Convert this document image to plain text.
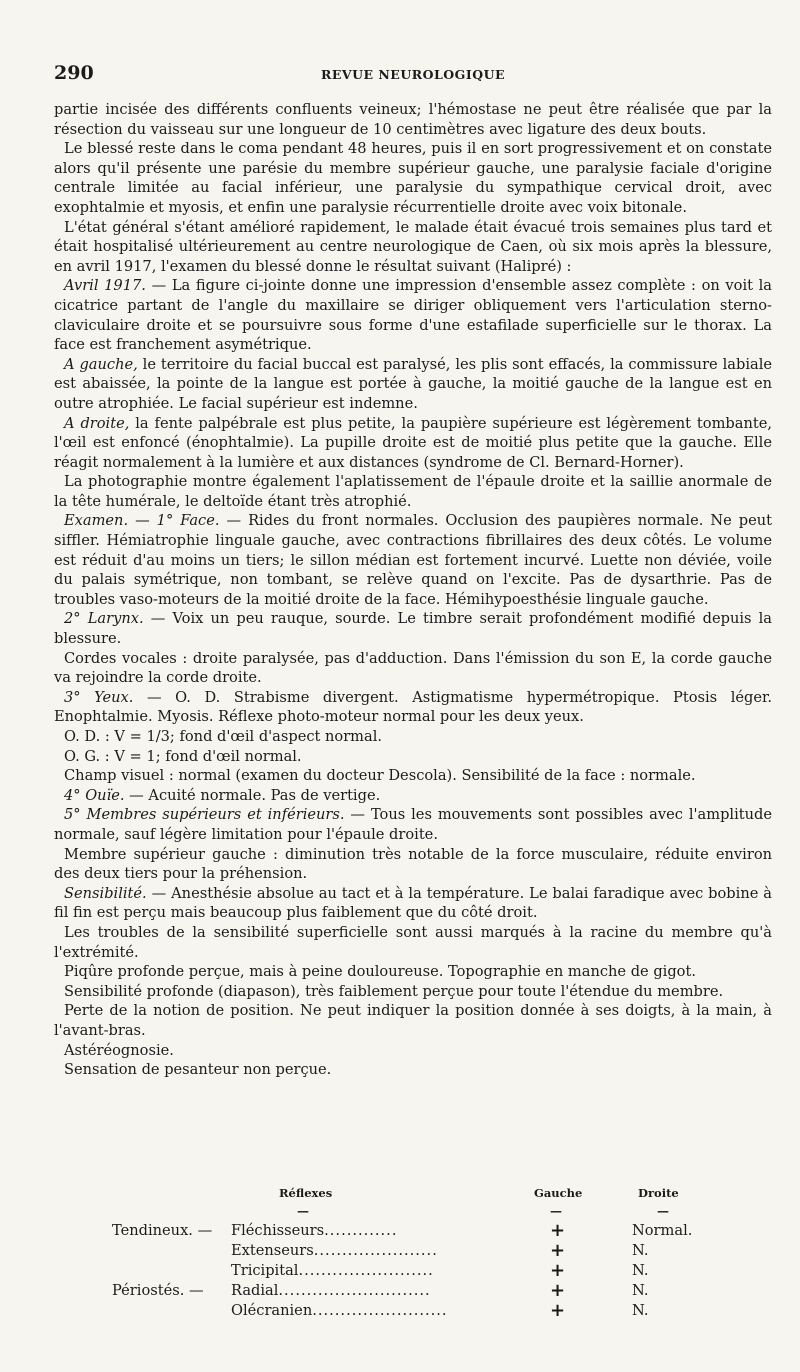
290	REVUE NEUROLOGIQUE

partie incisée des différents confluents veineux; l'hémostase ne peut être réalisée que par la résection du vaisseau sur une longueur de 10 centimètres avec ligature des deux bouts.

Le blessé reste dans le coma pendant 48 heures, puis il en sort progressivement et on constate alors qu'il présente une parésie du membre supérieur gauche, une paralysie faciale d'origine centrale limitée au facial inférieur, une paralysie du sympathique cervical droit, avec exophtalmie et myosis, et enfin une paralysie récurrentielle droite avec voix bitonale.

L'état général s'étant amélioré rapidement, le malade était évacué trois semaines plus tard et était hospitalisé ultérieurement au centre neurologique de Caen, où six mois après la blessure, en avril 1917, l'examen du blessé donne le résultat suivant (Halipré) :

Avril 1917. — La figure ci-jointe donne une impression d'ensemble assez complète : on voit la cicatrice partant de l'angle du maxillaire se diriger obliquement vers l'articulation sterno-claviculaire droite et se poursuivre sous forme d'une estafilade superficielle sur le thorax. La face est franchement asymétrique.

A gauche, le territoire du facial buccal est paralysé, les plis sont effacés, la commissure labiale est abaissée, la pointe de la langue est portée à gauche, la moitié gauche de la langue est en outre atrophiée. Le facial supérieur est indemne.

A droite, la fente palpébrale est plus petite, la paupière supérieure est légèrement tombante, l'œil est enfoncé (énophtalmie). La pupille droite est de moitié plus petite que la gauche. Elle réagit normalement à la lumière et aux distances (syndrome de Cl. Bernard-Horner).

La photographie montre également l'aplatissement de l'épaule droite et la saillie anormale de la tête humérale, le deltoïde étant très atrophié.

Examen. — 1° Face. — Rides du front normales. Occlusion des paupières normale. Ne peut siffler. Hémiatrophie linguale gauche, avec contractions fibrillaires des deux côtés. Le volume est réduit d'au moins un tiers; le sillon médian est fortement incurvé. Luette non déviée, voile du palais symétrique, non tombant, se relève quand on l'excite. Pas de dysarthrie. Pas de troubles vaso-moteurs de la moitié droite de la face. Hémihypoesthésie linguale gauche.

2° Larynx. — Voix un peu rauque, sourde. Le timbre serait profondément modifié depuis la blessure.

Cordes vocales : droite paralysée, pas d'adduction. Dans l'émission du son E, la corde gauche va rejoindre la corde droite.

3° Yeux. — O. D. Strabisme divergent. Astigmatisme hypermétropique. Ptosis léger. Enophtalmie. Myosis. Réflexe photo-moteur normal pour les deux yeux.

O. D. : V = 1/3; fond d'œil d'aspect normal.

O. G. : V = 1; fond d'œil normal.

Champ visuel : normal (examen du docteur Descola). Sensibilité de la face : normale.

4° Ouïe. — Acuité normale. Pas de vertige.

5° Membres supérieurs et inférieurs. — Tous les mouvements sont possibles avec l'amplitude normale, sauf légère limitation pour l'épaule droite.

Membre supérieur gauche : diminution très notable de la force musculaire, réduite environ des deux tiers pour la préhension.

Sensibilité. — Anesthésie absolue au tact et à la température. Le balai faradique avec bobine à fil fin est perçu mais beaucoup plus faiblement que du côté droit.

Les troubles de la sensibilité superficielle sont aussi marqués à la racine du membre qu'à l'extrémité.

Piqûre profonde perçue, mais à peine douloureuse. Topographie en manche de gigot.

Sensibilité profonde (diapason), très faiblement perçue pour toute l'étendue du membre.

Perte de la notion de position. Ne peut indiquer la position donnée à ses doigts, à la main, à l'avant-bras.

Astéréognosie.

Sensation de pesanteur non perçue.

Réflexes	Gauche	Droite
—	—	—
Tendineux. —	Fléchisseurs.............	+	Normal.
Extenseurs......................	+	N.
Tricipital........................	+	N.
Périostés. —	Radial...........................	+	N.
Olécranien........................	+	N.
